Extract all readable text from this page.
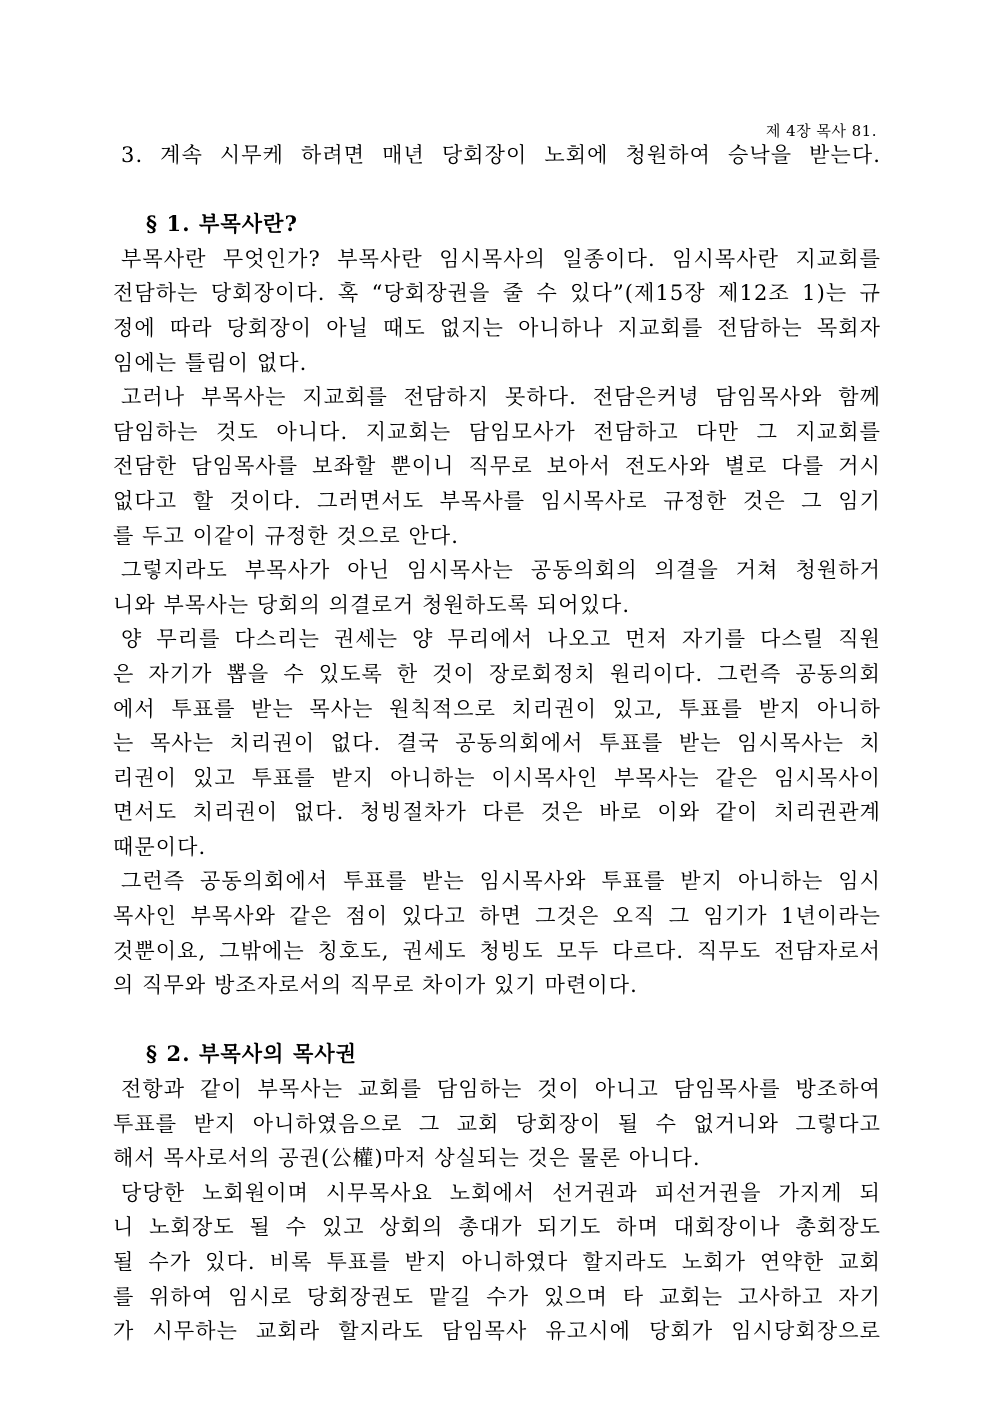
제 4장 목사 81.

3. 계속 시무케 하려면 매년 당회장이 노회에 청원하여 승낙을 받는다.

§ 1. 부목사란?

부목사란 무엇인가? 부목사란 임시목사의 일종이다. 임시목사란 지교회를
전담하는 당회장이다. 혹 “당회장권을 줄 수 있다”(제15장 제12조 1)는 규
정에 따라 당회장이 아닐 때도 없지는 아니하나 지교회를 전담하는 목회자
임에는 틀림이 없다.

고러나 부목사는 지교회를 전담하지 못하다. 전담은커녕 담임목사와 함께
담임하는 것도 아니다. 지교회는 담임모사가 전담하고 다만 그 지교회를
전담한 담임목사를 보좌할 뿐이니 직무로 보아서 전도사와 별로 다를 거시
없다고 할 것이다. 그러면서도 부목사를 임시목사로 규정한 것은 그 임기
를 두고 이같이 규정한 것으로 안다.

그렇지라도 부목사가 아닌 임시목사는 공동의회의 의결을 거쳐 청원하거
니와 부목사는 당회의 의결로거 청원하도록 되어있다.

양 무리를 다스리는 권세는 양 무리에서 나오고 먼저 자기를 다스릴 직원
은 자기가 뽑을 수 있도록 한 것이 장로회정치 원리이다. 그런즉 공동의회
에서 투표를 받는 목사는 원칙적으로 치리권이 있고, 투표를 받지 아니하
는 목사는 치리권이 없다. 결국 공동의회에서 투표를 받는 임시목사는 치
리권이 있고 투표를 받지 아니하는 이시목사인 부목사는 같은 임시목사이
면서도 치리권이 없다. 청빙절차가 다른 것은 바로 이와 같이 치리권관계
때문이다.

그런즉 공동의회에서 투표를 받는 임시목사와 투표를 받지 아니하는 임시
목사인 부목사와 같은 점이 있다고 하면 그것은 오직 그 임기가 1년이라는
것뿐이요, 그밖에는 칭호도, 권세도 청빙도 모두 다르다. 직무도 전담자로서
의 직무와 방조자로서의 직무로 차이가 있기 마련이다.

§ 2. 부목사의 목사권

전항과 같이 부목사는 교회를 담임하는 것이 아니고 담임목사를 방조하여
투표를 받지 아니하였음으로 그 교회 당회장이 될 수 없거니와 그렇다고
해서 목사로서의 공권(公權)마저 상실되는 것은 물론 아니다.

당당한 노회원이며 시무목사요 노회에서 선거권과 피선거권을 가지게 되
니 노회장도 될 수 있고 상회의 총대가 되기도 하며 대회장이나 총회장도
될 수가 있다. 비록 투표를 받지 아니하였다 할지라도 노회가 연약한 교회
를 위하여 임시로 당회장권도 맡길 수가 있으며 타 교회는 고사하고 자기
가 시무하는 교회라 할지라도 담임목사 유고시에 당회가 임시당회장으로
